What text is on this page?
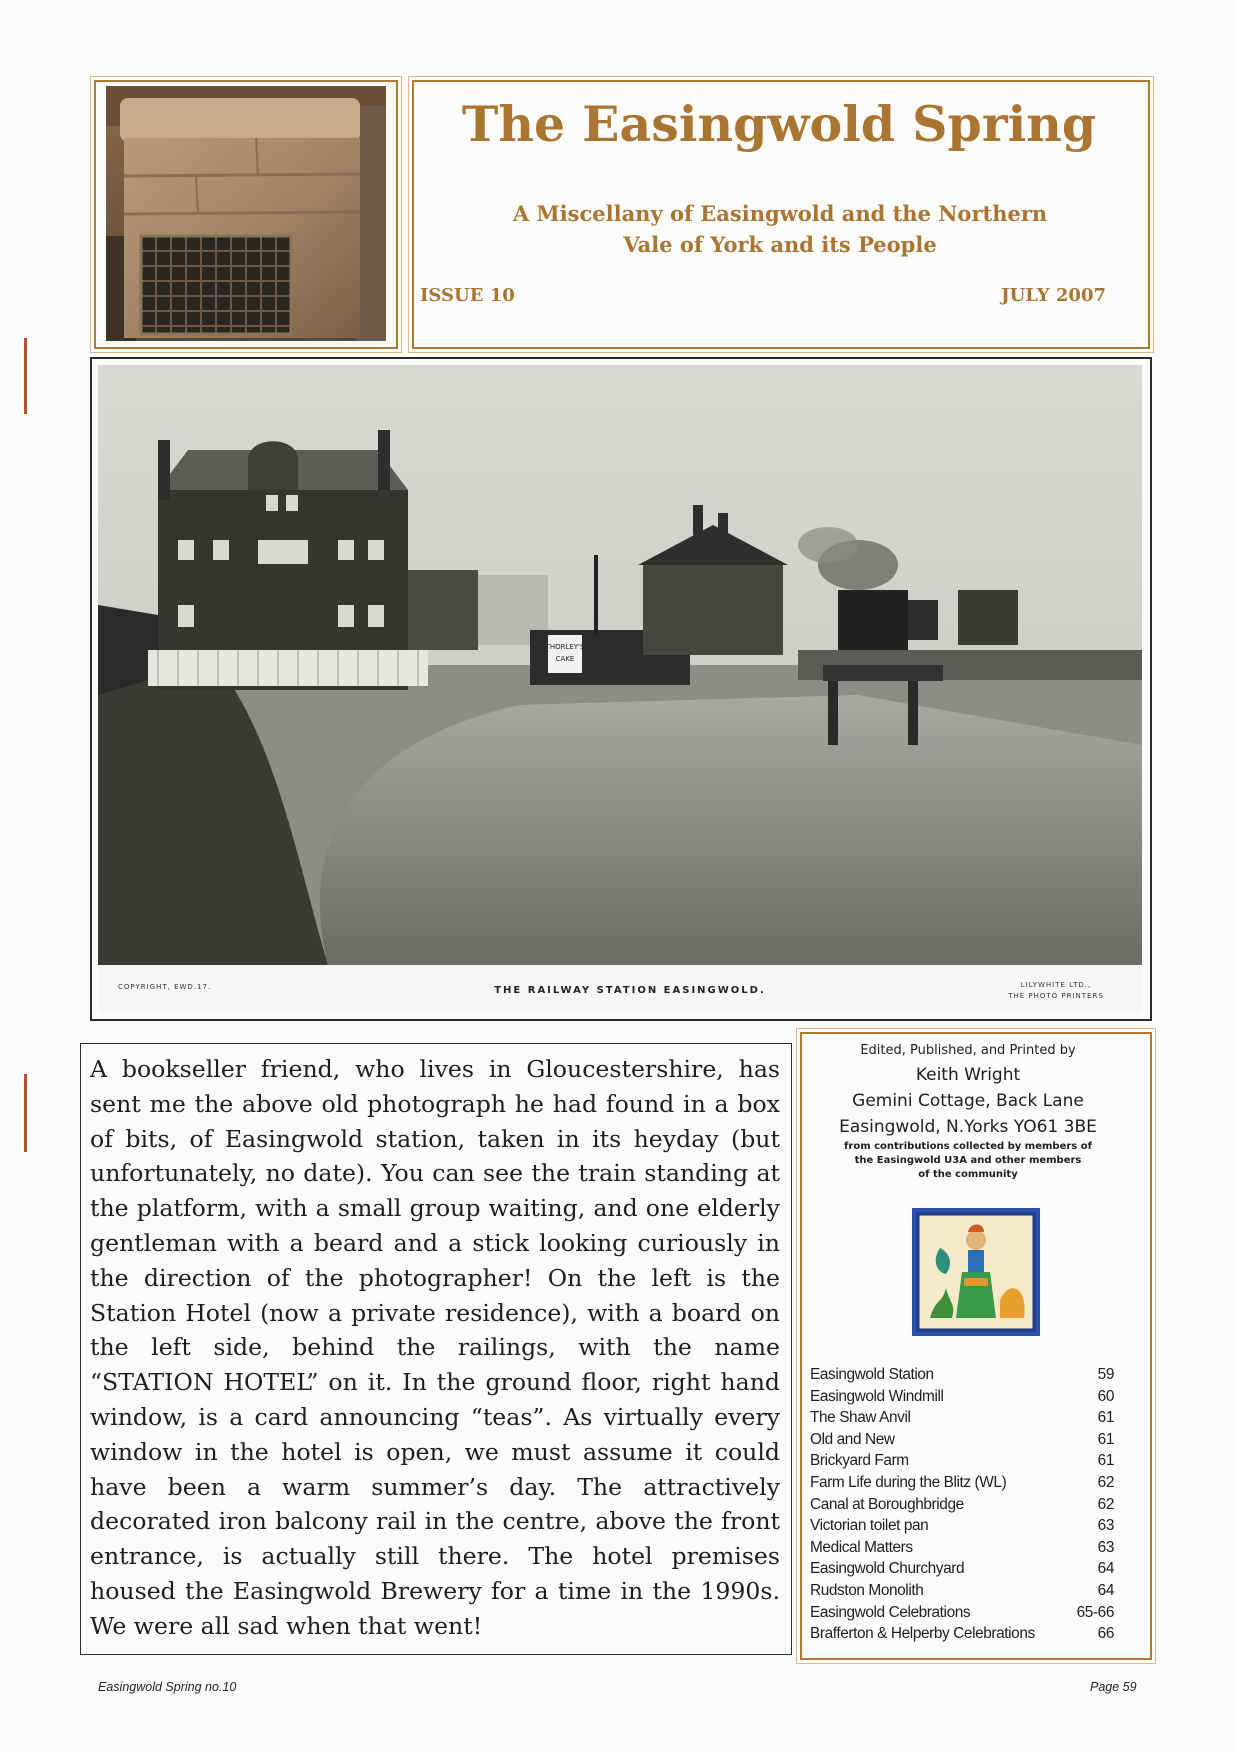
The Easingwold Spring
A Miscellany of Easingwold and the Northern
Vale of York and its People
ISSUE 10	JULY 2007
THORLEY'S
CAKE
COPYRIGHT, EWD.17.	THE RAILWAY STATION EASINGWOLD.	LILYWHITE LTD.,
THE PHOTO PRINTERS

A bookseller friend, who lives in Gloucestershire, has sent me the above old photograph he had found in a box of bits, of Easingwold station, taken in its heyday (but unfortunately, no date). You can see the train standing at the platform, with a small group waiting, and one elderly gentleman with a beard and a stick looking curiously in the direction of the photographer! On the left is the Station Hotel (now a private residence), with a board on the left side, behind the railings, with the name “STATION HOTEL” on it. In the ground floor, right hand window, is a card announcing “teas”. As virtually every window in the hotel is open, we must assume it could have been a warm summer’s day. The attractively decorated iron balcony rail in the centre, above the front entrance, is actually still there. The hotel premises housed the Easingwold Brewery for a time in the 1990s. We were all sad when that went!

Edited, Published, and Printed by
Keith Wright
Gemini Cottage, Back Lane
Easingwold, N.Yorks YO61 3BE
from contributions collected by members of
the Easingwold U3A and other members
of the community
Easingwold Station	59
Easingwold Windmill	60
The Shaw Anvil	61
Old and New	61
Brickyard Farm	61
Farm Life during the Blitz (WL)	62
Canal at Boroughbridge	62
Victorian toilet pan	63
Medical Matters	63
Easingwold Churchyard	64
Rudston Monolith	64
Easingwold Celebrations	65-66
Brafferton & Helperby Celebrations	66
Easingwold Spring no.10	Page 59
